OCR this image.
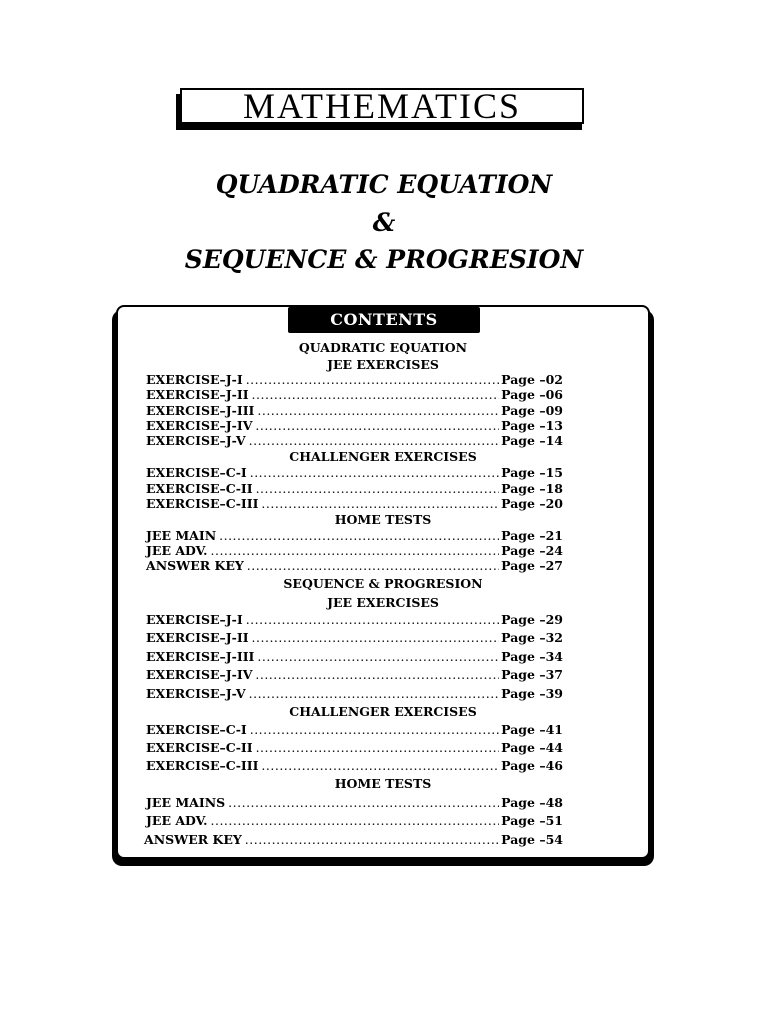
MATHEMATICS
QUADRATIC EQUATION
&
SEQUENCE & PROGRESION
CONTENTS
QUADRATIC EQUATION
JEE EXERCISES
EXERCISE–J-I .....	Page –02
EXERCISE–J-II .....	Page –06
EXERCISE–J-III .....	Page –09
EXERCISE–J-IV .....	Page –13
EXERCISE–J-V .....	Page –14
CHALLENGER EXERCISES
EXERCISE–C-I .....	Page –15
EXERCISE–C-II .....	Page –18
EXERCISE–C-III .....	Page –20
HOME TESTS
JEE MAIN .....	Page –21
JEE ADV. .....	Page –24
ANSWER KEY .....	Page –27
SEQUENCE & PROGRESION
JEE EXERCISES
EXERCISE–J-I .....	Page –29
EXERCISE–J-II .....	Page –32
EXERCISE–J-III .....	Page –34
EXERCISE–J-IV .....	Page –37
EXERCISE–J-V .....	Page –39
CHALLENGER EXERCISES
EXERCISE–C-I .....	Page –41
EXERCISE–C-II .....	Page –44
EXERCISE–C-III .....	Page –46
HOME TESTS
JEE MAINS .....	Page –48
JEE ADV. .....	Page –51
ANSWER KEY .....	Page –54
